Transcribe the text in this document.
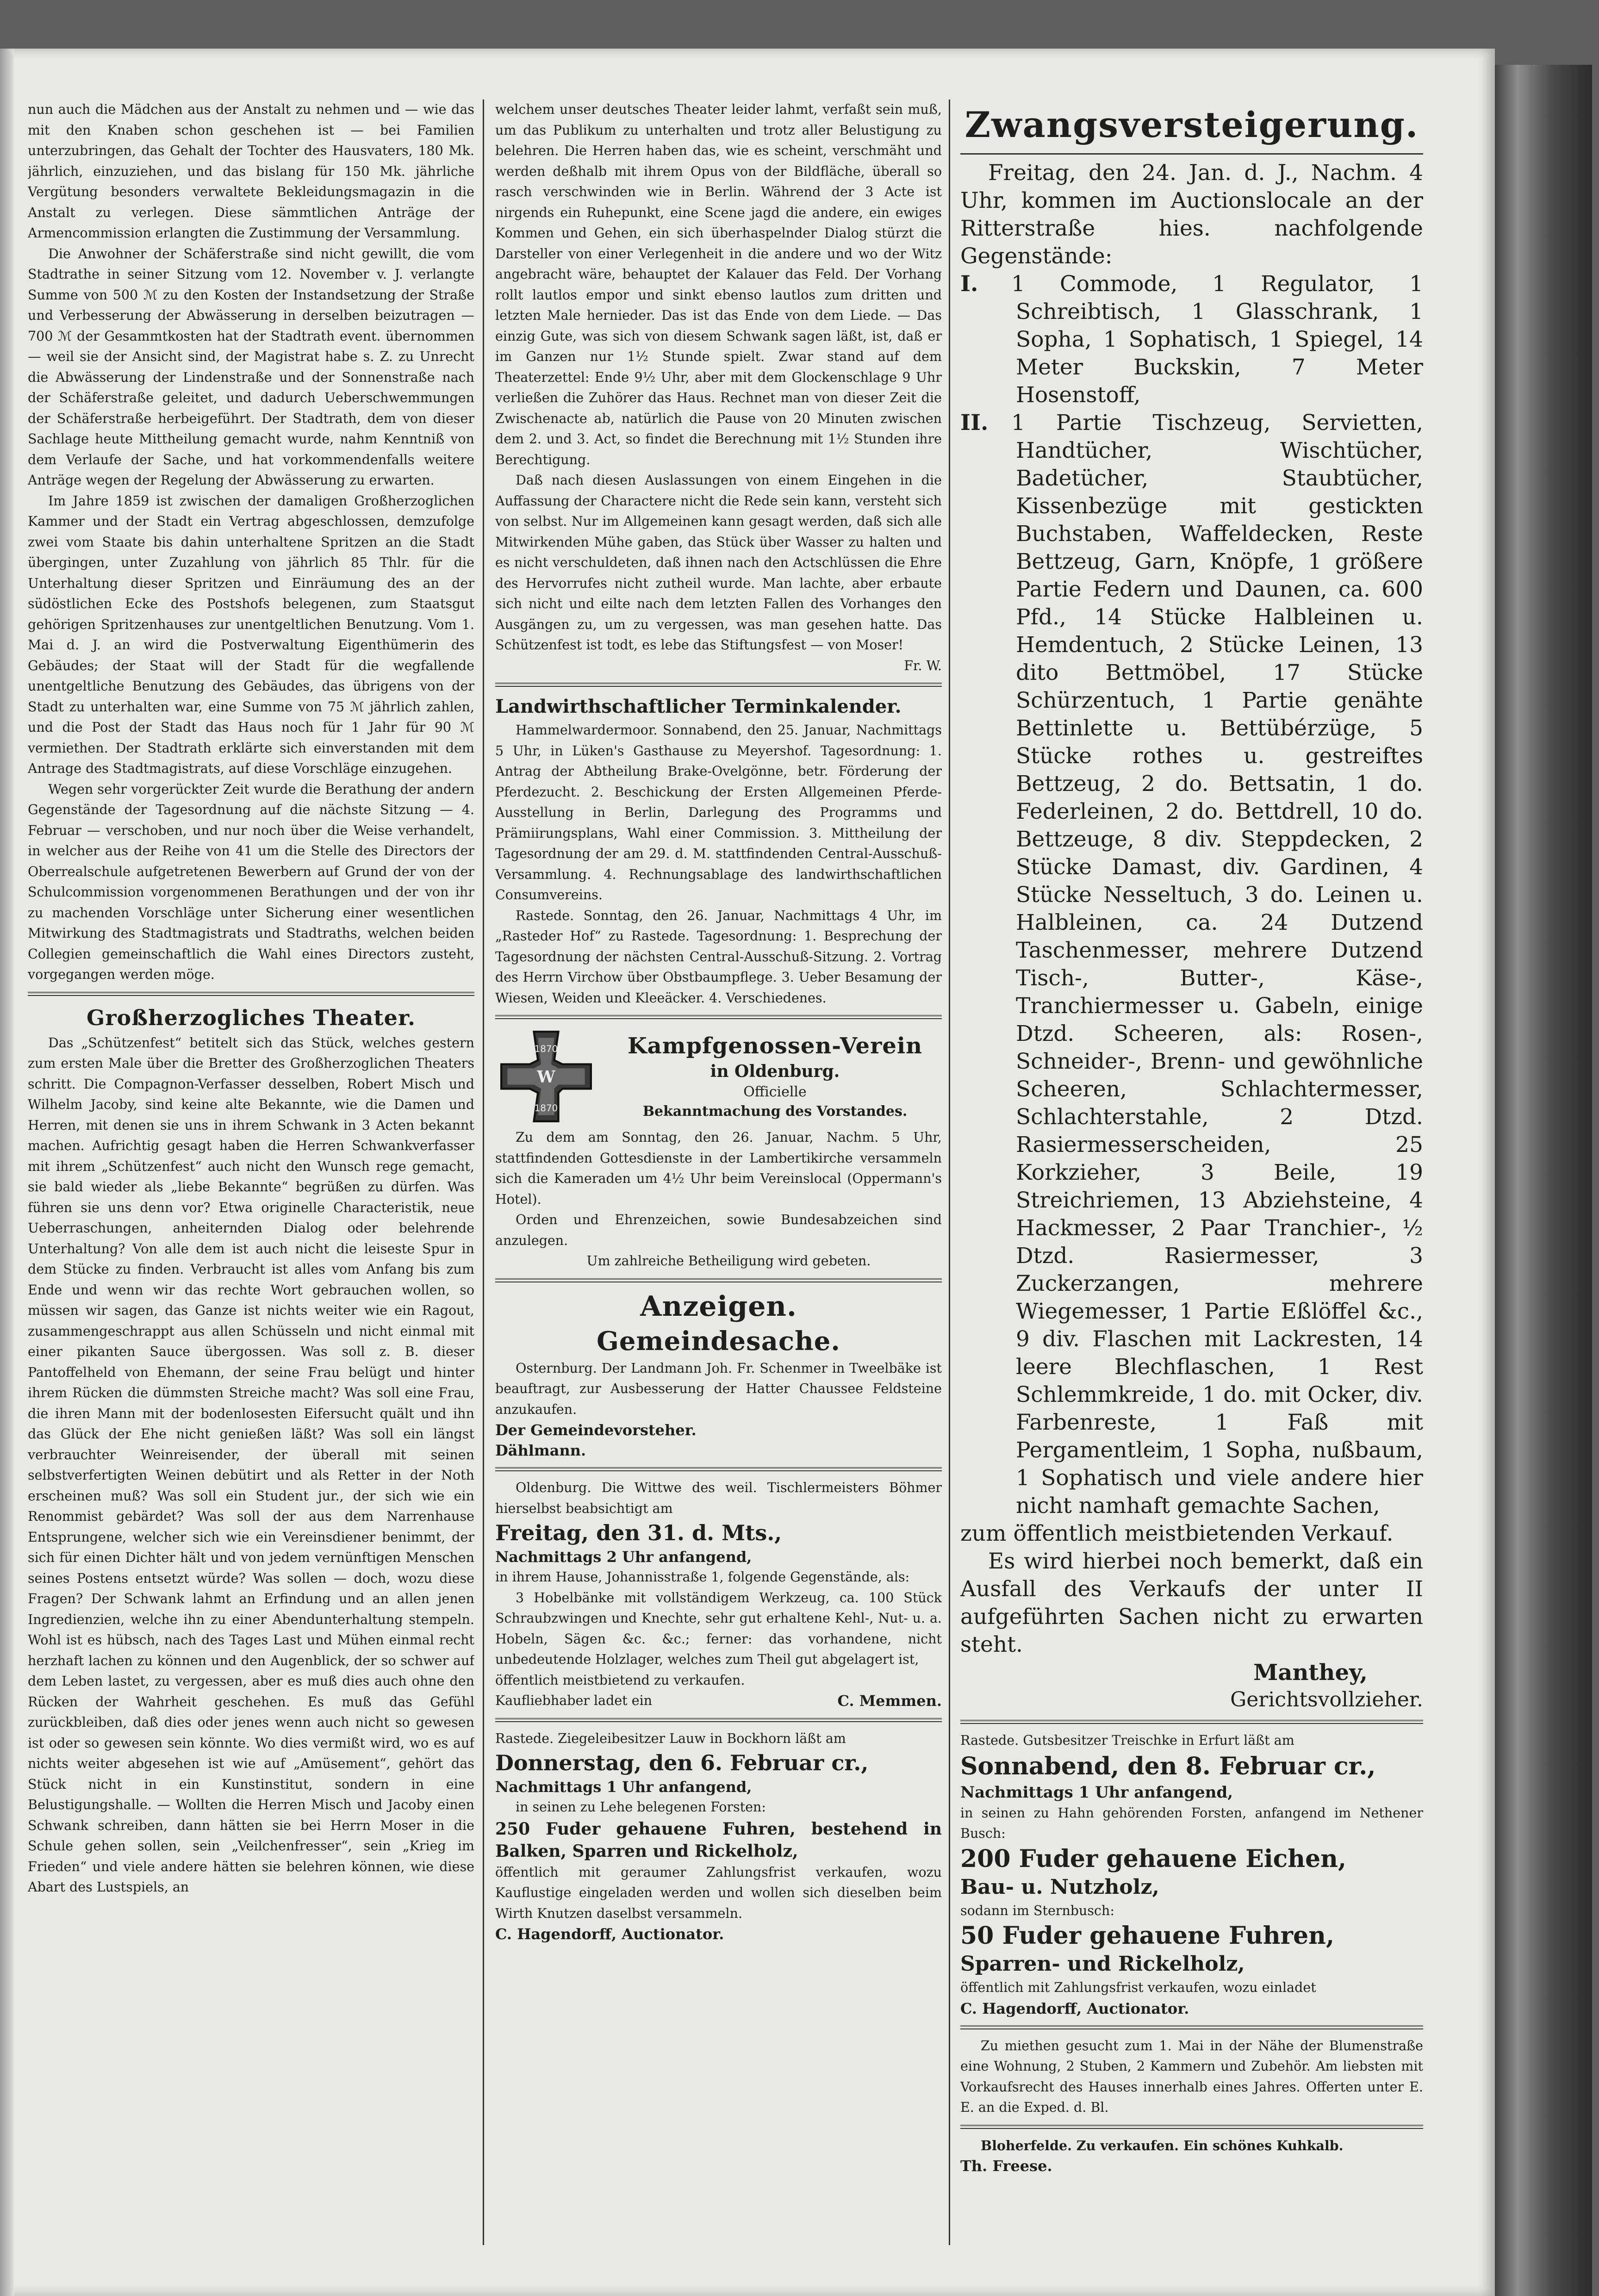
nun auch die Mädchen aus der Anstalt zu nehmen und — wie das mit den Knaben schon geschehen ist — bei Familien unterzubringen, das Gehalt der Tochter des Hausvaters, 180 Mk. jährlich, einzuziehen, und das bislang für 150 Mk. jährliche Vergütung besonders verwaltete Bekleidungsmagazin in die Anstalt zu verlegen. Diese sämmtlichen Anträge der Armencommission erlangten die Zustimmung der Versammlung.

Die Anwohner der Schäferstraße sind nicht gewillt, die vom Stadtrathe in seiner Sitzung vom 12. November v. J. verlangte Summe von 500 ℳ zu den Kosten der Instandsetzung der Straße und Verbesserung der Abwässerung in derselben beizutragen — 700 ℳ der Gesammtkosten hat der Stadtrath event. übernommen — weil sie der Ansicht sind, der Magistrat habe s. Z. zu Unrecht die Abwässerung der Lindenstraße und der Sonnenstraße nach der Schäferstraße geleitet, und dadurch Ueberschwemmungen der Schäferstraße herbeigeführt. Der Stadtrath, dem von dieser Sachlage heute Mittheilung gemacht wurde, nahm Kenntniß von dem Verlaufe der Sache, und hat vorkommendenfalls weitere Anträge wegen der Regelung der Abwässerung zu erwarten.

Im Jahre 1859 ist zwischen der damaligen Großherzoglichen Kammer und der Stadt ein Vertrag abgeschlossen, demzufolge zwei vom Staate bis dahin unterhaltene Spritzen an die Stadt übergingen, unter Zuzahlung von jährlich 85 Thlr. für die Unterhaltung dieser Spritzen und Einräumung des an der südöstlichen Ecke des Postshofs belegenen, zum Staatsgut gehörigen Spritzenhauses zur unentgeltlichen Benutzung. Vom 1. Mai d. J. an wird die Postverwaltung Eigenthümerin des Gebäudes; der Staat will der Stadt für die wegfallende unentgeltliche Benutzung des Gebäudes, das übrigens von der Stadt zu unterhalten war, eine Summe von 75 ℳ jährlich zahlen, und die Post der Stadt das Haus noch für 1 Jahr für 90 ℳ vermiethen. Der Stadtrath erklärte sich einverstanden mit dem Antrage des Stadtmagistrats, auf diese Vorschläge einzugehen.

Wegen sehr vorgerückter Zeit wurde die Berathung der andern Gegenstände der Tagesordnung auf die nächste Sitzung — 4. Februar — verschoben, und nur noch über die Weise verhandelt, in welcher aus der Reihe von 41 um die Stelle des Directors der Oberrealschule aufgetretenen Bewerbern auf Grund der von der Schulcommission vorgenommenen Berathungen und der von ihr zu machenden Vorschläge unter Sicherung einer wesentlichen Mitwirkung des Stadtmagistrats und Stadtraths, welchen beiden Collegien gemeinschaftlich die Wahl eines Directors zusteht, vorgegangen werden möge.

Großherzogliches Theater.

Das „Schützenfest“ betitelt sich das Stück, welches gestern zum ersten Male über die Bretter des Großherzoglichen Theaters schritt. Die Compagnon-Verfasser desselben, Robert Misch und Wilhelm Jacoby, sind keine alte Bekannte, wie die Damen und Herren, mit denen sie uns in ihrem Schwank in 3 Acten bekannt machen. Aufrichtig gesagt haben die Herren Schwankverfasser mit ihrem „Schützenfest“ auch nicht den Wunsch rege gemacht, sie bald wieder als „liebe Bekannte“ begrüßen zu dürfen. Was führen sie uns denn vor? Etwa originelle Characteristik, neue Ueberraschungen, anheiternden Dialog oder belehrende Unterhaltung? Von alle dem ist auch nicht die leiseste Spur in dem Stücke zu finden. Verbraucht ist alles vom Anfang bis zum Ende und wenn wir das rechte Wort gebrauchen wollen, so müssen wir sagen, das Ganze ist nichts weiter wie ein Ragout, zusammengeschrappt aus allen Schüsseln und nicht einmal mit einer pikanten Sauce übergossen. Was soll z. B. dieser Pantoffelheld von Ehemann, der seine Frau belügt und hinter ihrem Rücken die dümmsten Streiche macht? Was soll eine Frau, die ihren Mann mit der bodenlosesten Eifersucht quält und ihn das Glück der Ehe nicht genießen läßt? Was soll ein längst verbrauchter Weinreisender, der überall mit seinen selbstverfertigten Weinen debütirt und als Retter in der Noth erscheinen muß? Was soll ein Student jur., der sich wie ein Renommist gebärdet? Was soll der aus dem Narrenhause Entsprungene, welcher sich wie ein Vereinsdiener benimmt, der sich für einen Dichter hält und von jedem vernünftigen Menschen seines Postens entsetzt würde? Was sollen — doch, wozu diese Fragen? Der Schwank lahmt an Erfindung und an allen jenen Ingredienzien, welche ihn zu einer Abendunterhaltung stempeln. Wohl ist es hübsch, nach des Tages Last und Mühen einmal recht herzhaft lachen zu können und den Augenblick, der so schwer auf dem Leben lastet, zu vergessen, aber es muß dies auch ohne den Rücken der Wahrheit geschehen. Es muß das Gefühl zurückbleiben, daß dies oder jenes wenn auch nicht so gewesen ist oder so gewesen sein könnte. Wo dies vermißt wird, wo es auf nichts weiter abgesehen ist wie auf „Amüsement“, gehört das Stück nicht in ein Kunstinstitut, sondern in eine Belustigungshalle. — Wollten die Herren Misch und Jacoby einen Schwank schreiben, dann hätten sie bei Herrn Moser in die Schule gehen sollen, sein „Veilchenfresser“, sein „Krieg im Frieden“ und viele andere hätten sie belehren können, wie diese Abart des Lustspiels, an

welchem unser deutsches Theater leider lahmt, verfaßt sein muß, um das Publikum zu unterhalten und trotz aller Belustigung zu belehren. Die Herren haben das, wie es scheint, verschmäht und werden deßhalb mit ihrem Opus von der Bildfläche, überall so rasch verschwinden wie in Berlin. Während der 3 Acte ist nirgends ein Ruhepunkt, eine Scene jagd die andere, ein ewiges Kommen und Gehen, ein sich überhaspelnder Dialog stürzt die Darsteller von einer Verlegenheit in die andere und wo der Witz angebracht wäre, behauptet der Kalauer das Feld. Der Vorhang rollt lautlos empor und sinkt ebenso lautlos zum dritten und letzten Male hernieder. Das ist das Ende von dem Liede. — Das einzig Gute, was sich von diesem Schwank sagen läßt, ist, daß er im Ganzen nur 1½ Stunde spielt. Zwar stand auf dem Theaterzettel: Ende 9½ Uhr, aber mit dem Glockenschlage 9 Uhr verließen die Zuhörer das Haus. Rechnet man von dieser Zeit die Zwischenacte ab, natürlich die Pause von 20 Minuten zwischen dem 2. und 3. Act, so findet die Berechnung mit 1½ Stunden ihre Berechtigung.

Daß nach diesen Auslassungen von einem Eingehen in die Auffassung der Charactere nicht die Rede sein kann, versteht sich von selbst. Nur im Allgemeinen kann gesagt werden, daß sich alle Mitwirkenden Mühe gaben, das Stück über Wasser zu halten und es nicht verschuldeten, daß ihnen nach den Actschlüssen die Ehre des Hervorrufes nicht zutheil wurde. Man lachte, aber erbaute sich nicht und eilte nach dem letzten Fallen des Vorhanges den Ausgängen zu, um zu vergessen, was man gesehen hatte. Das Schützenfest ist todt, es lebe das Stiftungsfest — von Moser!

Fr. W.

Landwirthschaftlicher Terminkalender.

Hammelwardermoor. Sonnabend, den 25. Januar, Nachmittags 5 Uhr, in Lüken's Gasthause zu Meyershof. Tagesordnung: 1. Antrag der Abtheilung Brake-Ovelgönne, betr. Förderung der Pferdezucht. 2. Beschickung der Ersten Allgemeinen Pferde-Ausstellung in Berlin, Darlegung des Programms und Prämiirungsplans, Wahl einer Commission. 3. Mittheilung der Tagesordnung der am 29. d. M. stattfindenden Central-Ausschuß-Versammlung. 4. Rechnungsablage des landwirthschaftlichen Consumvereins.

Rastede. Sonntag, den 26. Januar, Nachmittags 4 Uhr, im „Rasteder Hof“ zu Rastede. Tagesordnung: 1. Besprechung der Tagesordnung der nächsten Central-Ausschuß-Sitzung. 2. Vortrag des Herrn Virchow über Obstbaumpflege. 3. Ueber Besamung der Wiesen, Weiden und Kleeäcker. 4. Verschiedenes.

1870
W
1870
Kampfgenossen-Verein
in Oldenburg.
Officielle
Bekanntmachung des Vorstandes.

Zu dem am Sonntag, den 26. Januar, Nachm. 5 Uhr, stattfindenden Gottesdienste in der Lambertikirche versammeln sich die Kameraden um 4½ Uhr beim Vereinslocal (Oppermann's Hotel).

Orden und Ehrenzeichen, sowie Bundesabzeichen sind anzulegen.

Um zahlreiche Betheiligung wird gebeten.

Anzeigen.
Gemeindesache.

Osternburg. Der Landmann Joh. Fr. Schenmer in Tweelbäke ist beauftragt, zur Ausbesserung der Hatter Chaussee Feldsteine anzukaufen.

Der Gemeindevorsteher.

Dählmann.

Oldenburg. Die Wittwe des weil. Tischlermeisters Böhmer hierselbst beabsichtigt am

Freitag, den 31. d. Mts.,

Nachmittags 2 Uhr anfangend,

in ihrem Hause, Johannisstraße 1, folgende Gegenstände, als:

3 Hobelbänke mit vollständigem Werkzeug, ca. 100 Stück Schraubzwingen und Knechte, sehr gut erhaltene Kehl-, Nut- u. a. Hobeln, Sägen &c. &c.; ferner: das vorhandene, nicht unbedeutende Holzlager, welches zum Theil gut abgelagert ist,

öffentlich meistbietend zu verkaufen.

Kaufliebhaber ladet ein	C. Memmen.

Rastede. Ziegeleibesitzer Lauw in Bockhorn läßt am

Donnerstag, den 6. Februar cr.,

Nachmittags 1 Uhr anfangend,

in seinen zu Lehe belegenen Forsten:

250 Fuder gehauene Fuhren, bestehend in Balken, Sparren und Rickelholz,

öffentlich mit geraumer Zahlungsfrist verkaufen, wozu Kauflustige eingeladen werden und wollen sich dieselben beim Wirth Knutzen daselbst versammeln.

C. Hagendorff, Auctionator.

Zwangsversteigerung.

Freitag, den 24. Jan. d. J., Nachm. 4 Uhr, kommen im Auctionslocale an der Ritterstraße hies. nachfolgende Gegenstände:

I. 1 Commode, 1 Regulator, 1 Schreibtisch, 1 Glasschrank, 1 Sopha, 1 Sophatisch, 1 Spiegel, 14 Meter Buckskin, 7 Meter Hosenstoff,

II. 1 Partie Tischzeug, Servietten, Handtücher, Wischtücher, Badetücher, Staubtücher, Kissenbezüge mit gestickten Buchstaben, Waffeldecken, Reste Bettzeug, Garn, Knöpfe, 1 größere Partie Federn und Daunen, ca. 600 Pfd., 14 Stücke Halbleinen u. Hemdentuch, 2 Stücke Leinen, 13 dito Bettmöbel, 17 Stücke Schürzentuch, 1 Partie genähte Bettinlette u. Bettübérzüge, 5 Stücke rothes u. gestreiftes Bettzeug, 2 do. Bettsatin, 1 do. Federleinen, 2 do. Bettdrell, 10 do. Bettzeuge, 8 div. Steppdecken, 2 Stücke Damast, div. Gardinen, 4 Stücke Nesseltuch, 3 do. Leinen u. Halbleinen, ca. 24 Dutzend Taschenmesser, mehrere Dutzend Tisch-, Butter-, Käse-, Tranchiermesser u. Gabeln, einige Dtzd. Scheeren, als: Rosen-, Schneider-, Brenn- und gewöhnliche Scheeren, Schlachtermesser, Schlachterstahle, 2 Dtzd. Rasiermesserscheiden, 25 Korkzieher, 3 Beile, 19 Streichriemen, 13 Abziehsteine, 4 Hackmesser, 2 Paar Tranchier-, ½ Dtzd. Rasiermesser, 3 Zuckerzangen, mehrere Wiegemesser, 1 Partie Eßlöffel &c., 9 div. Flaschen mit Lackresten, 14 leere Blechflaschen, 1 Rest Schlemmkreide, 1 do. mit Ocker, div. Farbenreste, 1 Faß mit Pergamentleim, 1 Sopha, nußbaum, 1 Sophatisch und viele andere hier nicht namhaft gemachte Sachen,

zum öffentlich meistbietenden Verkauf.

Es wird hierbei noch bemerkt, daß ein Ausfall des Verkaufs der unter II aufgeführten Sachen nicht zu erwarten steht.

Manthey,

Gerichtsvollzieher.

Rastede. Gutsbesitzer Treischke in Erfurt läßt am

Sonnabend, den 8. Februar cr.,

Nachmittags 1 Uhr anfangend,

in seinen zu Hahn gehörenden Forsten, anfangend im Nethener Busch:

200 Fuder gehauene Eichen,

Bau- u. Nutzholz,

sodann im Sternbusch:

50 Fuder gehauene Fuhren,

Sparren- und Rickelholz,

öffentlich mit Zahlungsfrist verkaufen, wozu einladet

C. Hagendorff, Auctionator.

Zu miethen gesucht zum 1. Mai in der Nähe der Blumenstraße eine Wohnung, 2 Stuben, 2 Kammern und Zubehör. Am liebsten mit Vorkaufsrecht des Hauses innerhalb eines Jahres. Offerten unter E. E. an die Exped. d. Bl.

Bloherfelde. Zu verkaufen. Ein schönes Kuhkalb.

Th. Freese.
